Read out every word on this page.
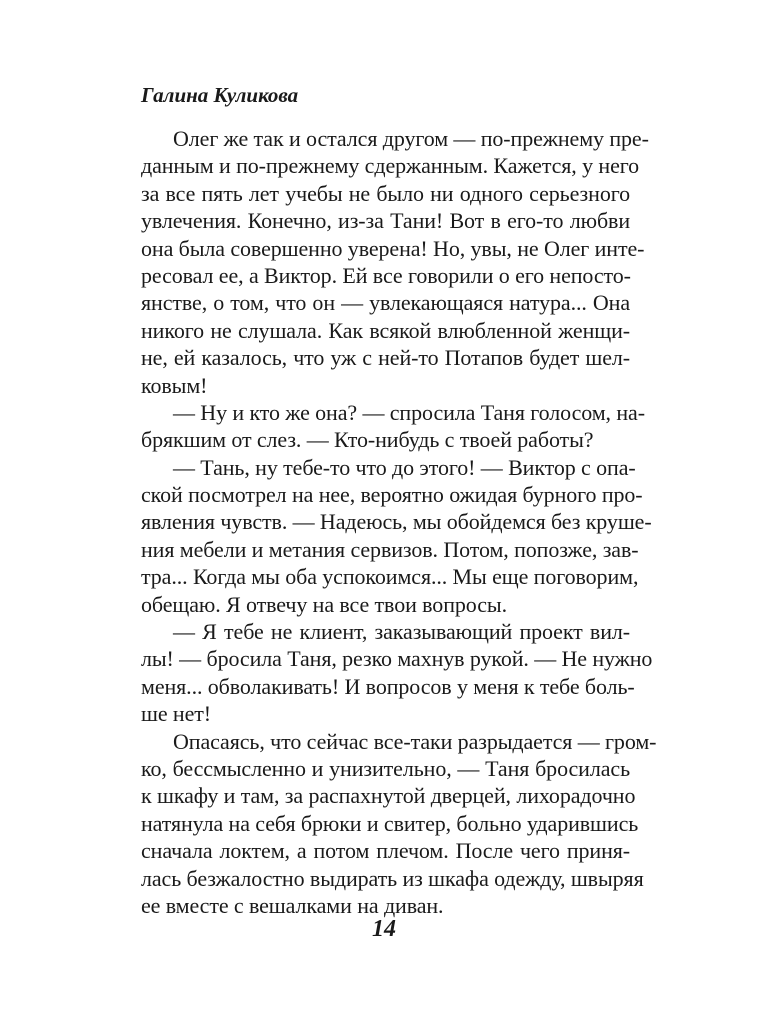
Галина Куликова
Олег же так и остался другом — по-прежнему пре-
данным и по-прежнему сдержанным. Кажется, у него
за все пять лет учебы не было ни одного серьезного
увлечения. Конечно, из-за Тани! Вот в его-то любви
она была совершенно уверена! Но, увы, не Олег инте-
ресовал ее, а Виктор. Ей все говорили о его непосто-
янстве, о том, что он — увлекающаяся натура... Она
никого не слушала. Как всякой влюбленной женщи-
не, ей казалось, что уж с ней-то Потапов будет шел-
ковым!
— Ну и кто же она? — спросила Таня голосом, на-
брякшим от слез. — Кто-нибудь с твоей работы?
— Тань, ну тебе-то что до этого! — Виктор с опа-
ской посмотрел на нее, вероятно ожидая бурного про-
явления чувств. — Надеюсь, мы обойдемся без круше-
ния мебели и метания сервизов. Потом, попозже, зав-
тра... Когда мы оба успокоимся... Мы еще поговорим,
обещаю. Я отвечу на все твои вопросы.
— Я тебе не клиент, заказывающий проект вил-
лы! — бросила Таня, резко махнув рукой. — Не нужно
меня... обволакивать! И вопросов у меня к тебе боль-
ше нет!
Опасаясь, что сейчас все-таки разрыдается — гром-
ко, бессмысленно и унизительно, — Таня бросилась
к шкафу и там, за распахнутой дверцей, лихорадочно
натянула на себя брюки и свитер, больно ударившись
сначала локтем, а потом плечом. После чего приня-
лась безжалостно выдирать из шкафа одежду, швыряя
ее вместе с вешалками на диван.
14
